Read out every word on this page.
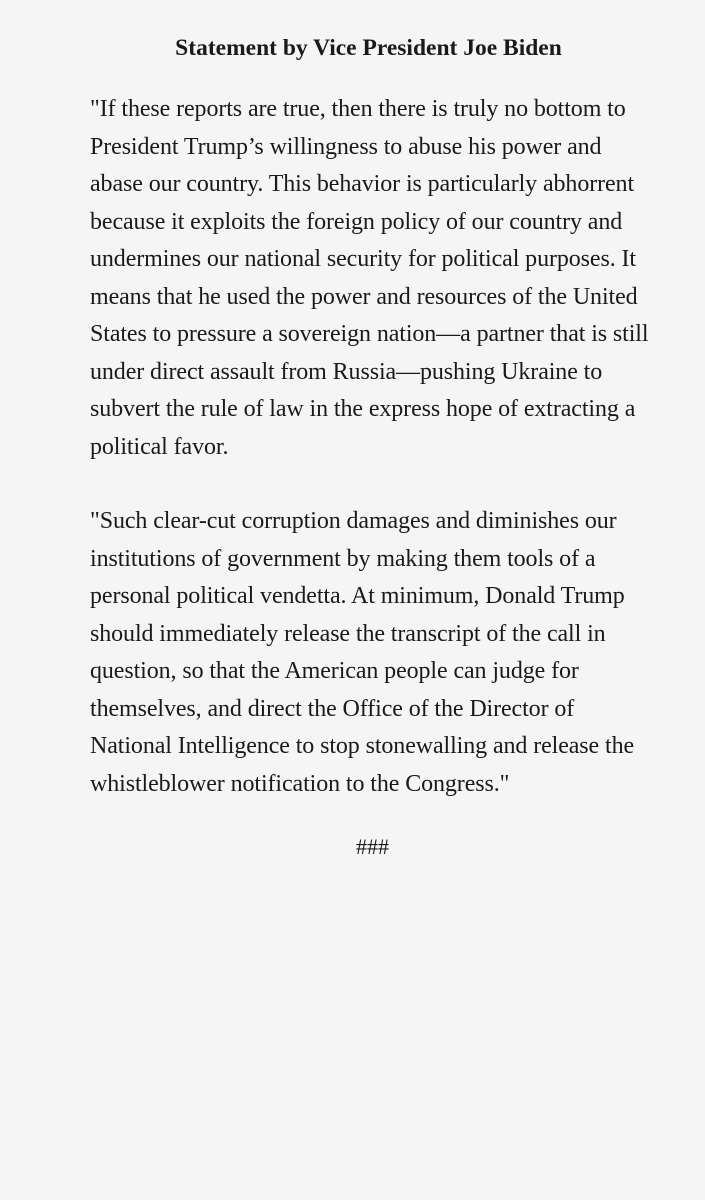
Statement by Vice President Joe Biden

"If these reports are true, then there is truly no bottom to President Trump’s willingness to abuse his power and abase our country. This behavior is particularly abhorrent because it exploits the foreign policy of our country and undermines our national security for political purposes. It means that he used the power and resources of the United States to pressure a sovereign nation—a partner that is still under direct assault from Russia—pushing Ukraine to subvert the rule of law in the express hope of extracting a political favor.

"Such clear-cut corruption damages and diminishes our institutions of government by making them tools of a personal political vendetta. At minimum, Donald Trump should immediately release the transcript of the call in question, so that the American people can judge for themselves, and direct the Office of the Director of National Intelligence to stop stonewalling and release the whistleblower notification to the Congress."

###
